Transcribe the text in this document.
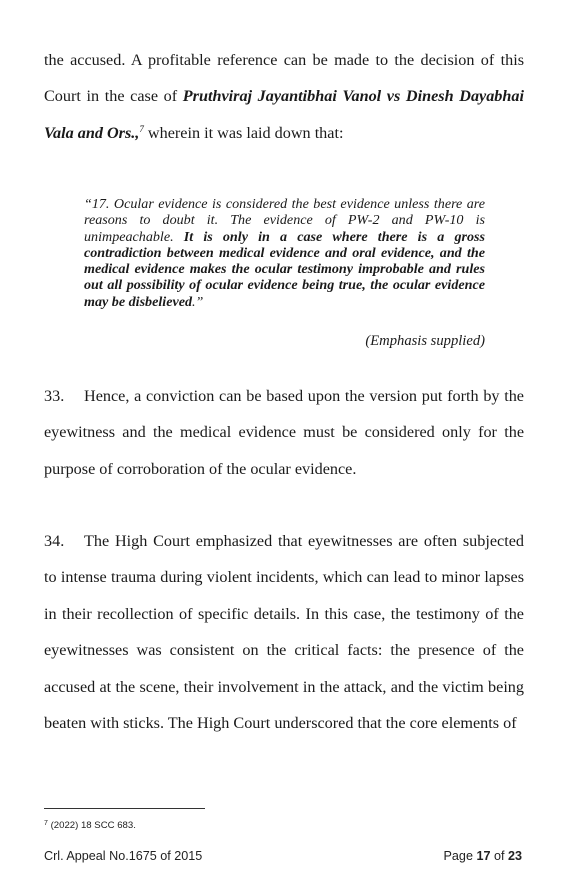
the accused. A profitable reference can be made to the decision of this Court in the case of Pruthviraj Jayantibhai Vanol vs Dinesh Dayabhai Vala and Ors.,$^7$ wherein it was laid down that:

“17. Ocular evidence is considered the best evidence unless there are reasons to doubt it. The evidence of PW-2 and PW-10 is unimpeachable. It is only in a case where there is a gross contradiction between medical evidence and oral evidence, and the medical evidence makes the ocular testimony improbable and rules out all possibility of ocular evidence being true, the ocular evidence may be disbelieved.”

(Emphasis supplied)

33. Hence, a conviction can be based upon the version put forth by the eyewitness and the medical evidence must be considered only for the purpose of corroboration of the ocular evidence.

34. The High Court emphasized that eyewitnesses are often subjected to intense trauma during violent incidents, which can lead to minor lapses in their recollection of specific details. In this case, the testimony of the eyewitnesses was consistent on the critical facts: the presence of the accused at the scene, their involvement in the attack, and the victim being beaten with sticks. The High Court underscored that the core elements of

$^7$ (2022) 18 SCC 683.

Crl. Appeal No.1675 of 2015	Page 17 of 23
